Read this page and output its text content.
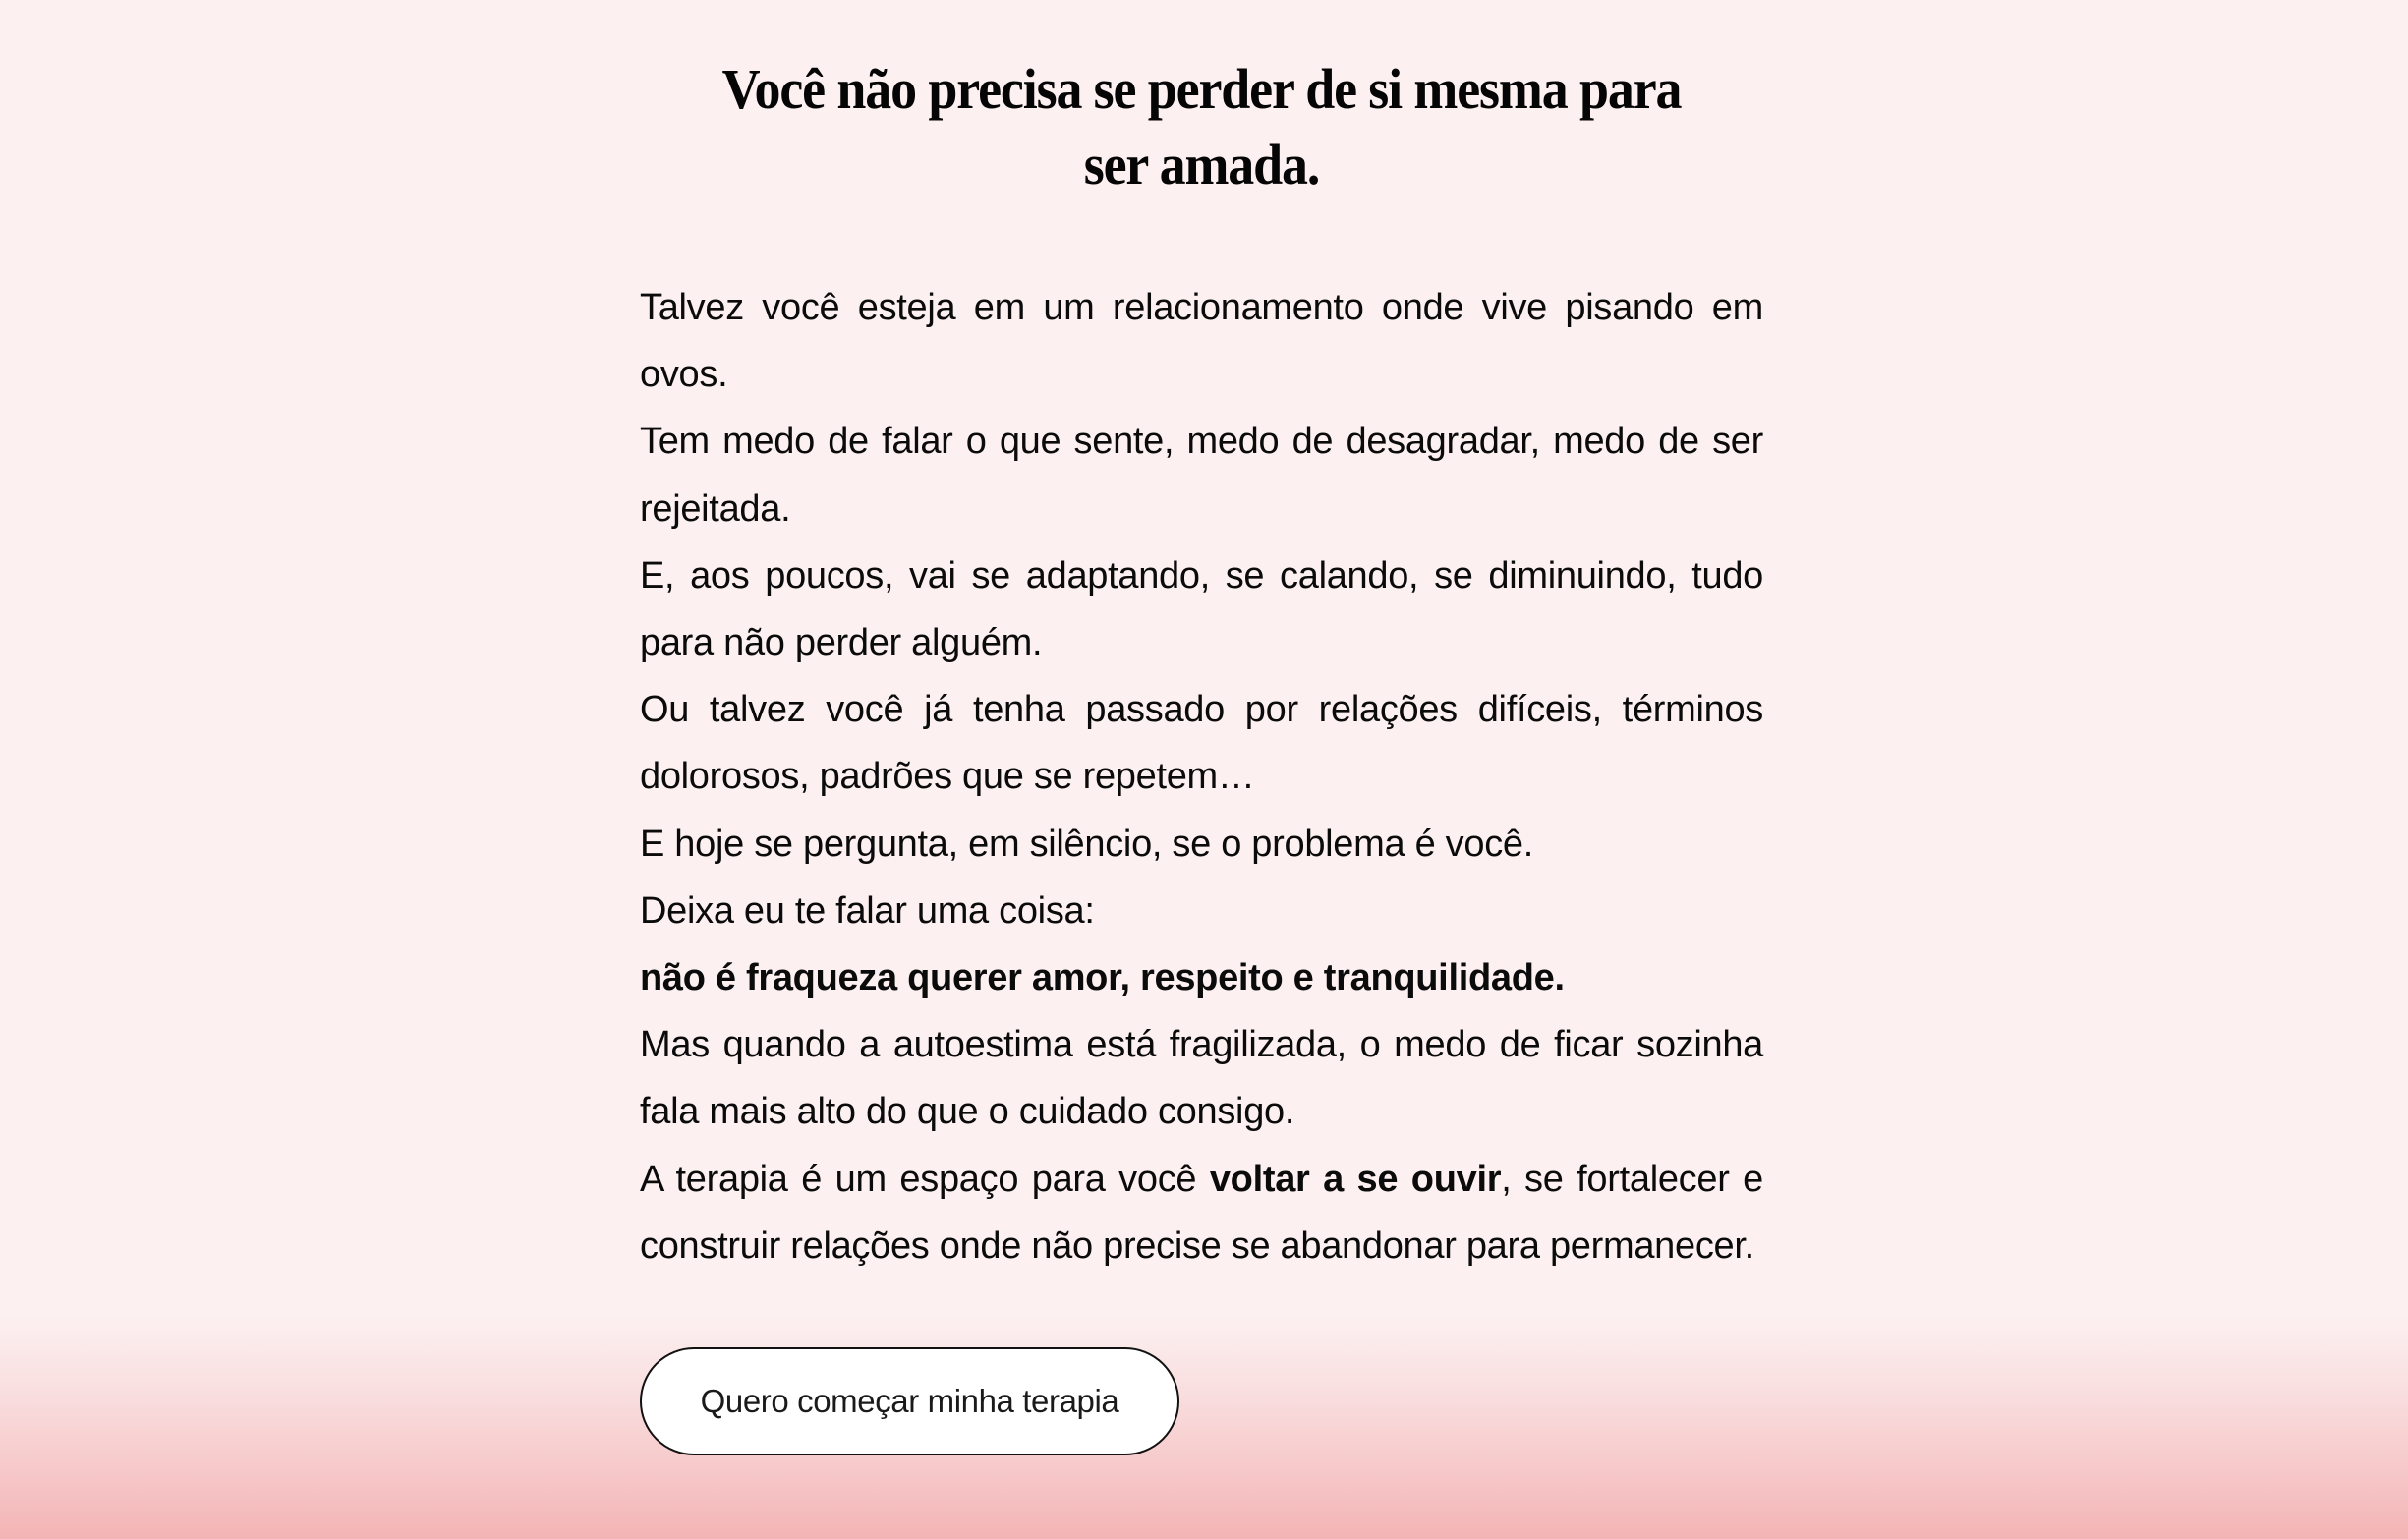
Você não precisa se perder de si mesma para
ser amada.

Talvez você esteja em um relacionamento onde vive pisando em ovos.

Tem medo de falar o que sente, medo de desagradar, medo de ser rejeitada.

E, aos poucos, vai se adaptando, se calando, se diminuindo, tudo para não perder alguém.

Ou talvez você já tenha passado por relações difíceis, términos dolorosos, padrões que se repetem…

E hoje se pergunta, em silêncio, se o problema é você.

Deixa eu te falar uma coisa:

não é fraqueza querer amor, respeito e tranquilidade.

Mas quando a autoestima está fragilizada, o medo de ficar sozinha fala mais alto do que o cuidado consigo.

A terapia é um espaço para você voltar a se ouvir, se fortalecer e construir relações onde não precise se abandonar para permanecer.

Quero começar minha terapia
